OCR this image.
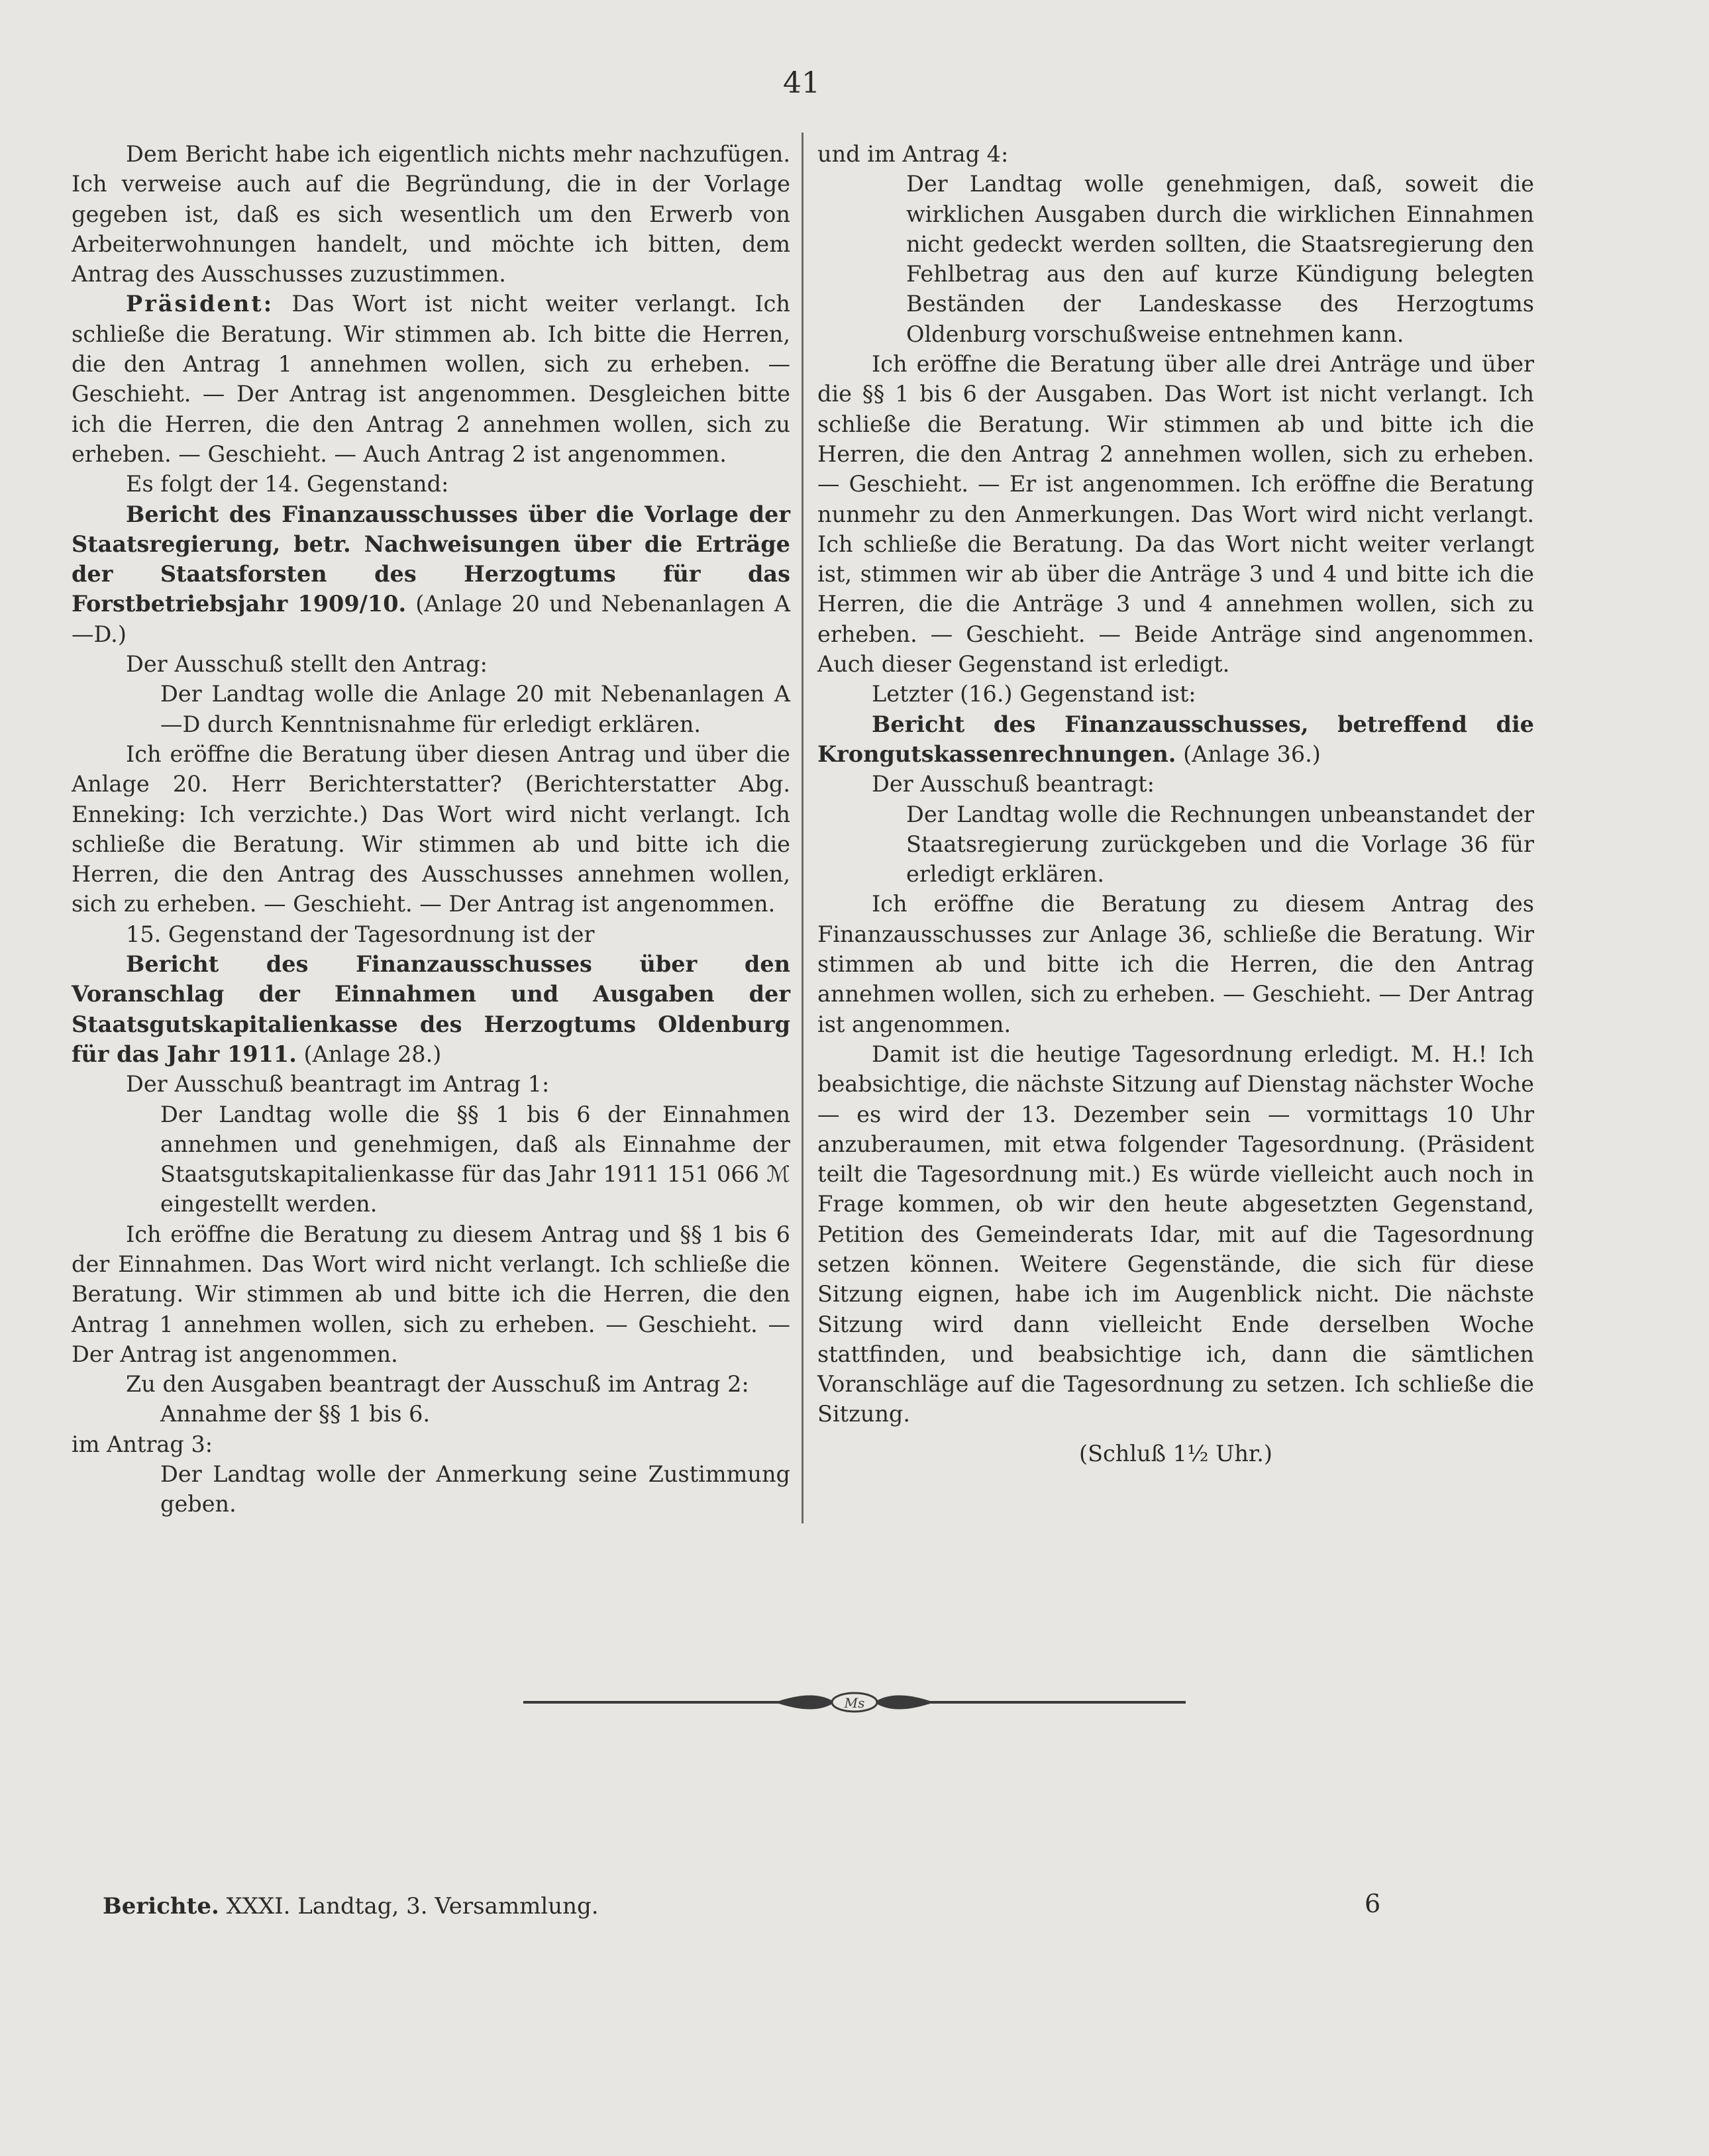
41

Dem Bericht habe ich eigentlich nichts mehr nachzufügen. Ich verweise auch auf die Begründung, die in der Vorlage gegeben ist, daß es sich wesentlich um den Erwerb von Arbeiterwohnungen handelt, und möchte ich bitten, dem Antrag des Ausschusses zuzustimmen.

Präsident: Das Wort ist nicht weiter verlangt. Ich schließe die Beratung. Wir stimmen ab. Ich bitte die Herren, die den Antrag 1 annehmen wollen, sich zu erheben. — Geschieht. — Der Antrag ist angenommen. Desgleichen bitte ich die Herren, die den Antrag 2 annehmen wollen, sich zu erheben. — Geschieht. — Auch Antrag 2 ist angenommen.

Es folgt der 14. Gegenstand:

Bericht des Finanzausschusses über die Vorlage der Staatsregierung, betr. Nachweisungen über die Erträge der Staatsforsten des Herzogtums für das Forstbetriebsjahr 1909/10. (Anlage 20 und Nebenanlagen A—D.)

Der Ausschuß stellt den Antrag:

Der Landtag wolle die Anlage 20 mit Nebenanlagen A—D durch Kenntnisnahme für erledigt erklären.

Ich eröffne die Beratung über diesen Antrag und über die Anlage 20. Herr Berichterstatter? (Berichterstatter Abg. Enneking: Ich verzichte.) Das Wort wird nicht verlangt. Ich schließe die Beratung. Wir stimmen ab und bitte ich die Herren, die den Antrag des Ausschusses annehmen wollen, sich zu erheben. — Geschieht. — Der Antrag ist angenommen.

15. Gegenstand der Tagesordnung ist der

Bericht des Finanzausschusses über den Voranschlag der Einnahmen und Ausgaben der Staatsgutskapitalienkasse des Herzogtums Oldenburg für das Jahr 1911. (Anlage 28.)

Der Ausschuß beantragt im Antrag 1:

Der Landtag wolle die §§ 1 bis 6 der Einnahmen annehmen und genehmigen, daß als Einnahme der Staatsgutskapitalienkasse für das Jahr 1911 151 066 ℳ eingestellt werden.

Ich eröffne die Beratung zu diesem Antrag und §§ 1 bis 6 der Einnahmen. Das Wort wird nicht verlangt. Ich schließe die Beratung. Wir stimmen ab und bitte ich die Herren, die den Antrag 1 annehmen wollen, sich zu erheben. — Geschieht. — Der Antrag ist angenommen.

Zu den Ausgaben beantragt der Ausschuß im Antrag 2:

Annahme der §§ 1 bis 6.

im Antrag 3:

Der Landtag wolle der Anmerkung seine Zustimmung geben.

und im Antrag 4:

Der Landtag wolle genehmigen, daß, soweit die wirklichen Ausgaben durch die wirklichen Einnahmen nicht gedeckt werden sollten, die Staatsregierung den Fehlbetrag aus den auf kurze Kündigung belegten Beständen der Landeskasse des Herzogtums Oldenburg vorschußweise entnehmen kann.

Ich eröffne die Beratung über alle drei Anträge und über die §§ 1 bis 6 der Ausgaben. Das Wort ist nicht verlangt. Ich schließe die Beratung. Wir stimmen ab und bitte ich die Herren, die den Antrag 2 annehmen wollen, sich zu erheben. — Geschieht. — Er ist angenommen. Ich eröffne die Beratung nunmehr zu den Anmerkungen. Das Wort wird nicht verlangt. Ich schließe die Beratung. Da das Wort nicht weiter verlangt ist, stimmen wir ab über die Anträge 3 und 4 und bitte ich die Herren, die die Anträge 3 und 4 annehmen wollen, sich zu erheben. — Geschieht. — Beide Anträge sind angenommen. Auch dieser Gegenstand ist erledigt.

Letzter (16.) Gegenstand ist:

Bericht des Finanzausschusses, betreffend die Krongutskassenrechnungen. (Anlage 36.)

Der Ausschuß beantragt:

Der Landtag wolle die Rechnungen unbeanstandet der Staatsregierung zurückgeben und die Vorlage 36 für erledigt erklären.

Ich eröffne die Beratung zu diesem Antrag des Finanzausschusses zur Anlage 36, schließe die Beratung. Wir stimmen ab und bitte ich die Herren, die den Antrag annehmen wollen, sich zu erheben. — Geschieht. — Der Antrag ist angenommen.

Damit ist die heutige Tagesordnung erledigt. M. H.! Ich beabsichtige, die nächste Sitzung auf Dienstag nächster Woche — es wird der 13. Dezember sein — vormittags 10 Uhr anzuberaumen, mit etwa folgender Tagesordnung. (Präsident teilt die Tagesordnung mit.) Es würde vielleicht auch noch in Frage kommen, ob wir den heute abgesetzten Gegenstand, Petition des Gemeinderats Idar, mit auf die Tagesordnung setzen können. Weitere Gegenstände, die sich für diese Sitzung eignen, habe ich im Augenblick nicht. Die nächste Sitzung wird dann vielleicht Ende derselben Woche stattfinden, und beabsichtige ich, dann die sämtlichen Voranschläge auf die Tagesordnung zu setzen. Ich schließe die Sitzung.

(Schluß 1½ Uhr.)

Ms
Berichte. XXXI. Landtag, 3. Versammlung.	6
